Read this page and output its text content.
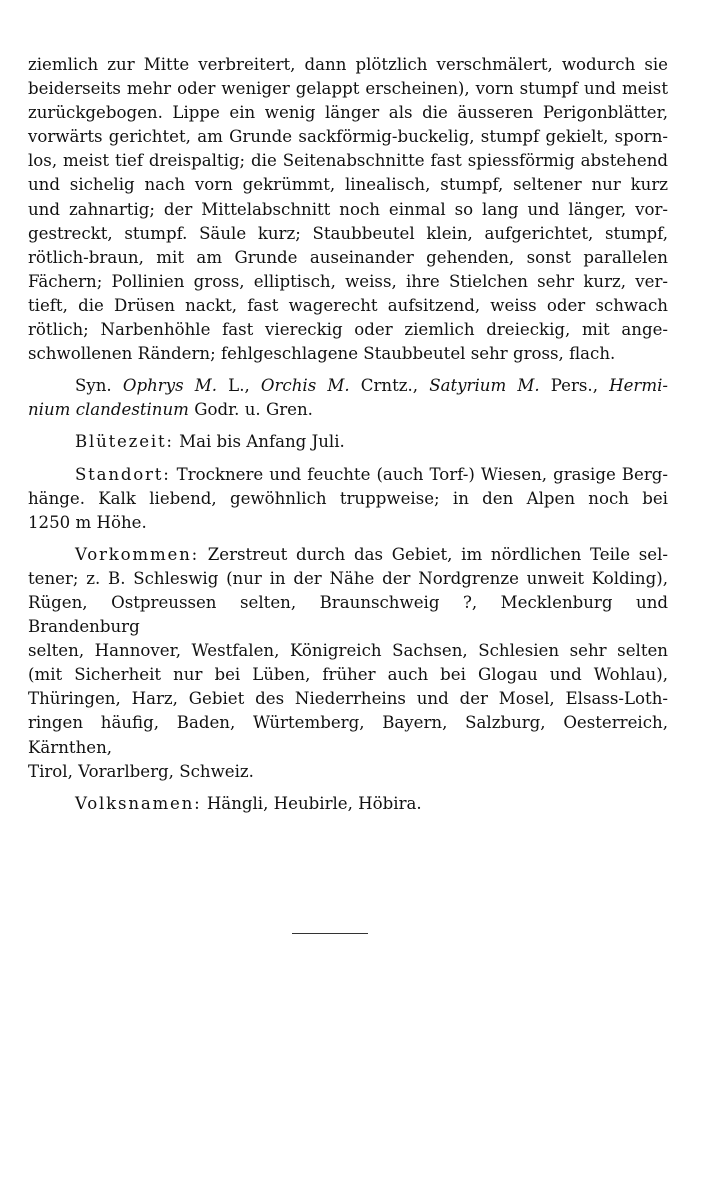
ziemlich zur Mitte verbreitert, dann plötzlich verschmälert, wodurch sie
beiderseits mehr oder weniger gelappt erscheinen), vorn stumpf und meist
zurückgebogen. Lippe ein wenig länger als die äusseren Perigonblätter,
vorwärts gerichtet, am Grunde sackförmig-buckelig, stumpf gekielt, sporn-
los, meist tief dreispaltig; die Seitenabschnitte fast spiessförmig abstehend
und sichelig nach vorn gekrümmt, linealisch, stumpf, seltener nur kurz
und zahnartig; der Mittelabschnitt noch einmal so lang und länger, vor-
gestreckt, stumpf. Säule kurz; Staubbeutel klein, aufgerichtet, stumpf,
rötlich-braun, mit am Grunde auseinander gehenden, sonst parallelen
Fächern; Pollinien gross, elliptisch, weiss, ihre Stielchen sehr kurz, ver-
tieft, die Drüsen nackt, fast wagerecht aufsitzend, weiss oder schwach
rötlich; Narbenhöhle fast viereckig oder ziemlich dreieckig, mit ange-
schwollenen Rändern; fehlgeschlagene Staubbeutel sehr gross, flach.

Syn. Ophrys M. L., Orchis M. Crntz., Satyrium M. Pers., Hermi-
nium clandestinum Godr. u. Gren.

Blütezeit: Mai bis Anfang Juli.

Standort: Trocknere und feuchte (auch Torf-) Wiesen, grasige Berg-
hänge. Kalk liebend, gewöhnlich truppweise; in den Alpen noch bei
1250 m Höhe.

Vorkommen: Zerstreut durch das Gebiet, im nördlichen Teile sel-
tener; z. B. Schleswig (nur in der Nähe der Nordgrenze unweit Kolding),
Rügen, Ostpreussen selten, Braunschweig ?, Mecklenburg und Brandenburg
selten, Hannover, Westfalen, Königreich Sachsen, Schlesien sehr selten
(mit Sicherheit nur bei Lüben, früher auch bei Glogau und Wohlau),
Thüringen, Harz, Gebiet des Niederrheins und der Mosel, Elsass-Loth-
ringen häufig, Baden, Würtemberg, Bayern, Salzburg, Oesterreich, Kärnthen,
Tirol, Vorarlberg, Schweiz.

Volksnamen: Hängli, Heubirle, Höbira.
